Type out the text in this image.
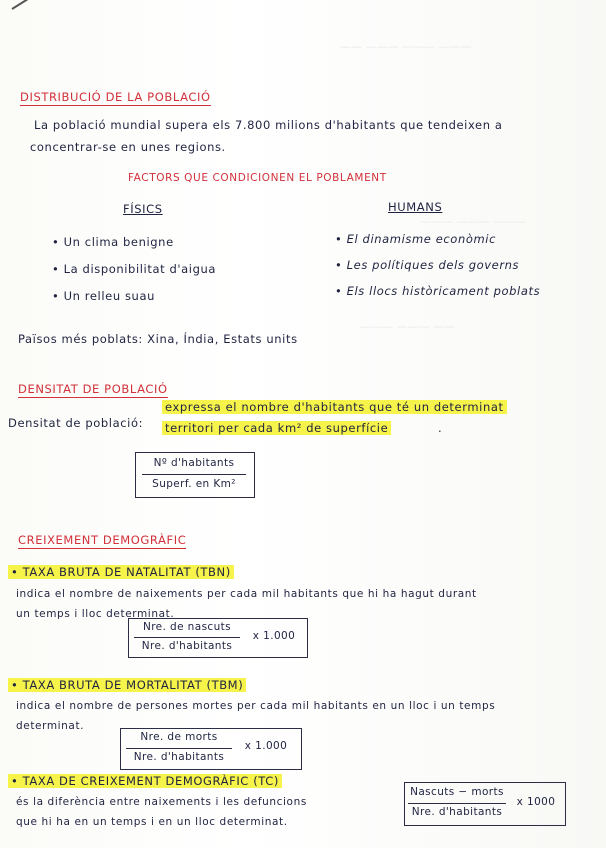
—— ——— ——— ———
——— ——— ———
——— ——— ——
DISTRIBUCIÓ DE LA POBLACIÓ
La població mundial supera els 7.800 milions d'habitants que tendeixen a
concentrar-se en unes regions.
FACTORS QUE CONDICIONEN EL POBLAMENT
FÍSICS	HUMANS
• Un clima benigne
• La disponibilitat d'aigua
• Un relleu suau
• El dinamisme econòmic
• Les polítiques dels governs
• Els llocs històricament poblats
Països més poblats: Xina, Índia, Estats units
DENSITAT DE POBLACIÓ
Densitat de població:
expressa el nombre d'habitants que té un determinat
territori per cada km² de superfície	.
Nº d'habitants
Superf. en Km²
CREIXEMENT DEMOGRÀFIC
• TAXA BRUTA DE NATALITAT (TBN)
indica el nombre de naixements per cada mil habitants que hi ha hagut durant
un temps i lloc determinat.
Nre. de nascuts
Nre. d'habitants
x 1.000
• TAXA BRUTA DE MORTALITAT (TBM)
indica el nombre de persones mortes per cada mil habitants en un lloc i un temps
determinat.
Nre. de morts
Nre. d'habitants
x 1.000
• TAXA DE CREIXEMENT DEMOGRÀFIC (TC)
és la diferència entre naixements i les defuncions
que hi ha en un temps i en un lloc determinat.
Nascuts − morts
Nre. d'habitants
x 1000
